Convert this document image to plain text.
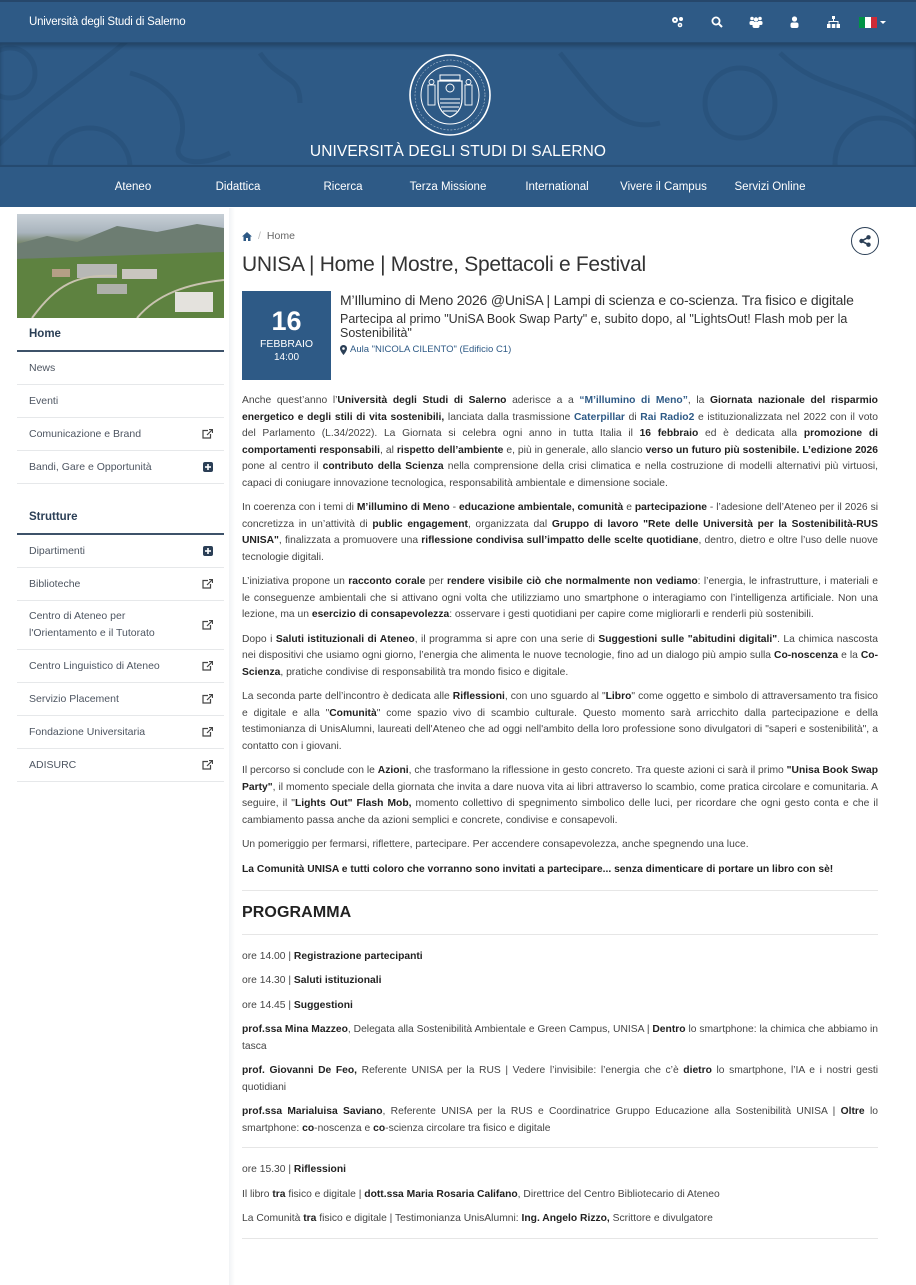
Università degli Studi di Salerno
UNIVERSITÀ DEGLI STUDI DI SALERNO
Ateneo	Didattica	Ricerca	Terza Missione	International	Vivere il Campus	Servizi Online
Home
News
Eventi
Comunicazione e Brand
Bandi, Gare e Opportunità
Strutture
Dipartimenti
Biblioteche
Centro di Ateneo per l'Orientamento e il Tutorato
Centro Linguistico di Ateneo
Servizio Placement
Fondazione Universitaria
ADISURC
/ Home
UNISA | Home | Mostre, Spettacoli e Festival
16
FEBBRAIO
14:00
M’Illumino di Meno 2026 @UniSA | Lampi di scienza e co-scienza. Tra fisico e digitale
Partecipa al primo "UniSA Book Swap Party" e, subito dopo, al "LightsOut! Flash mob per la Sostenibilità"
Aula "NICOLA CILENTO" (Edificio C1)

Anche quest’anno l’Università degli Studi di Salerno aderisce a a “M’illumino di Meno”, la Giornata nazionale del risparmio energetico e degli stili di vita sostenibili, lanciata dalla trasmissione Caterpillar di Rai Radio2 e istituzionalizzata nel 2022 con il voto del Parlamento (L.34/2022). La Giornata si celebra ogni anno in tutta Italia il 16 febbraio ed è dedicata alla promozione di comportamenti responsabili, al rispetto dell’ambiente e, più in generale, allo slancio verso un futuro più sostenibile. L’edizione 2026 pone al centro il contributo della Scienza nella comprensione della crisi climatica e nella costruzione di modelli alternativi più virtuosi, capaci di coniugare innovazione tecnologica, responsabilità ambientale e dimensione sociale.

In coerenza con i temi di M’illumino di Meno - educazione ambientale, comunità e partecipazione - l’adesione dell’Ateneo per il 2026 si concretizza in un’attività di public engagement, organizzata dal Gruppo di lavoro "Rete delle Università per la Sostenibilità-RUS UNISA", finalizzata a promuovere una riflessione condivisa sull’impatto delle scelte quotidiane, dentro, dietro e oltre l’uso delle nuove tecnologie digitali.

L’iniziativa propone un racconto corale per rendere visibile ciò che normalmente non vediamo: l’energia, le infrastrutture, i materiali e le conseguenze ambientali che si attivano ogni volta che utilizziamo uno smartphone o interagiamo con l’intelligenza artificiale. Non una lezione, ma un esercizio di consapevolezza: osservare i gesti quotidiani per capire come migliorarli e renderli più sostenibili.

Dopo i Saluti istituzionali di Ateneo, il programma si apre con una serie di Suggestioni sulle "abitudini digitali". La chimica nascosta nei dispositivi che usiamo ogni giorno, l’energia che alimenta le nuove tecnologie, fino ad un dialogo più ampio sulla Co-noscenza e la Co-Scienza, pratiche condivise di responsabilità tra mondo fisico e digitale.

La seconda parte dell’incontro è dedicata alle Riflessioni, con uno sguardo al "Libro" come oggetto e simbolo di attraversamento tra fisico e digitale e alla "Comunità" come spazio vivo di scambio culturale. Questo momento sarà arricchito dalla partecipazione e della testimonianza di UnisAlumni, laureati dell'Ateneo che ad oggi nell'ambito della loro professione sono divulgatori di "saperi e sostenibilità", a contatto con i giovani.

Il percorso si conclude con le Azioni, che trasformano la riflessione in gesto concreto. Tra queste azioni ci sarà il primo "Unisa Book Swap Party", il momento speciale della giornata che invita a dare nuova vita ai libri attraverso lo scambio, come pratica circolare e comunitaria. A seguire, il "Lights Out" Flash Mob, momento collettivo di spegnimento simbolico delle luci, per ricordare che ogni gesto conta e che il cambiamento passa anche da azioni semplici e concrete, condivise e consapevoli.

Un pomeriggio per fermarsi, riflettere, partecipare. Per accendere consapevolezza, anche spegnendo una luce.

La Comunità UNISA e tutti coloro che vorranno sono invitati a partecipare... senza dimenticare di portare un libro con sè!

PROGRAMMA

ore 14.00 | Registrazione partecipanti

ore 14.30 | Saluti istituzionali

ore 14.45 | Suggestioni

prof.ssa Mina Mazzeo, Delegata alla Sostenibilità Ambientale e Green Campus, UNISA | Dentro lo smartphone: la chimica che abbiamo in tasca

prof. Giovanni De Feo, Referente UNISA per la RUS | Vedere l’invisibile: l’energia che c’è dietro lo smartphone, l’IA e i nostri gesti quotidiani

prof.ssa Marialuisa Saviano, Referente UNISA per la RUS e Coordinatrice Gruppo Educazione alla Sostenibilità UNISA | Oltre lo smartphone: co-noscenza e co-scienza circolare tra fisico e digitale

ore 15.30 | Riflessioni

Il libro tra fisico e digitale | dott.ssa Maria Rosaria Califano, Direttrice del Centro Bibliotecario di Ateneo

La Comunità tra fisico e digitale | Testimonianza UnisAlumni: Ing. Angelo Rizzo, Scrittore e divulgatore
